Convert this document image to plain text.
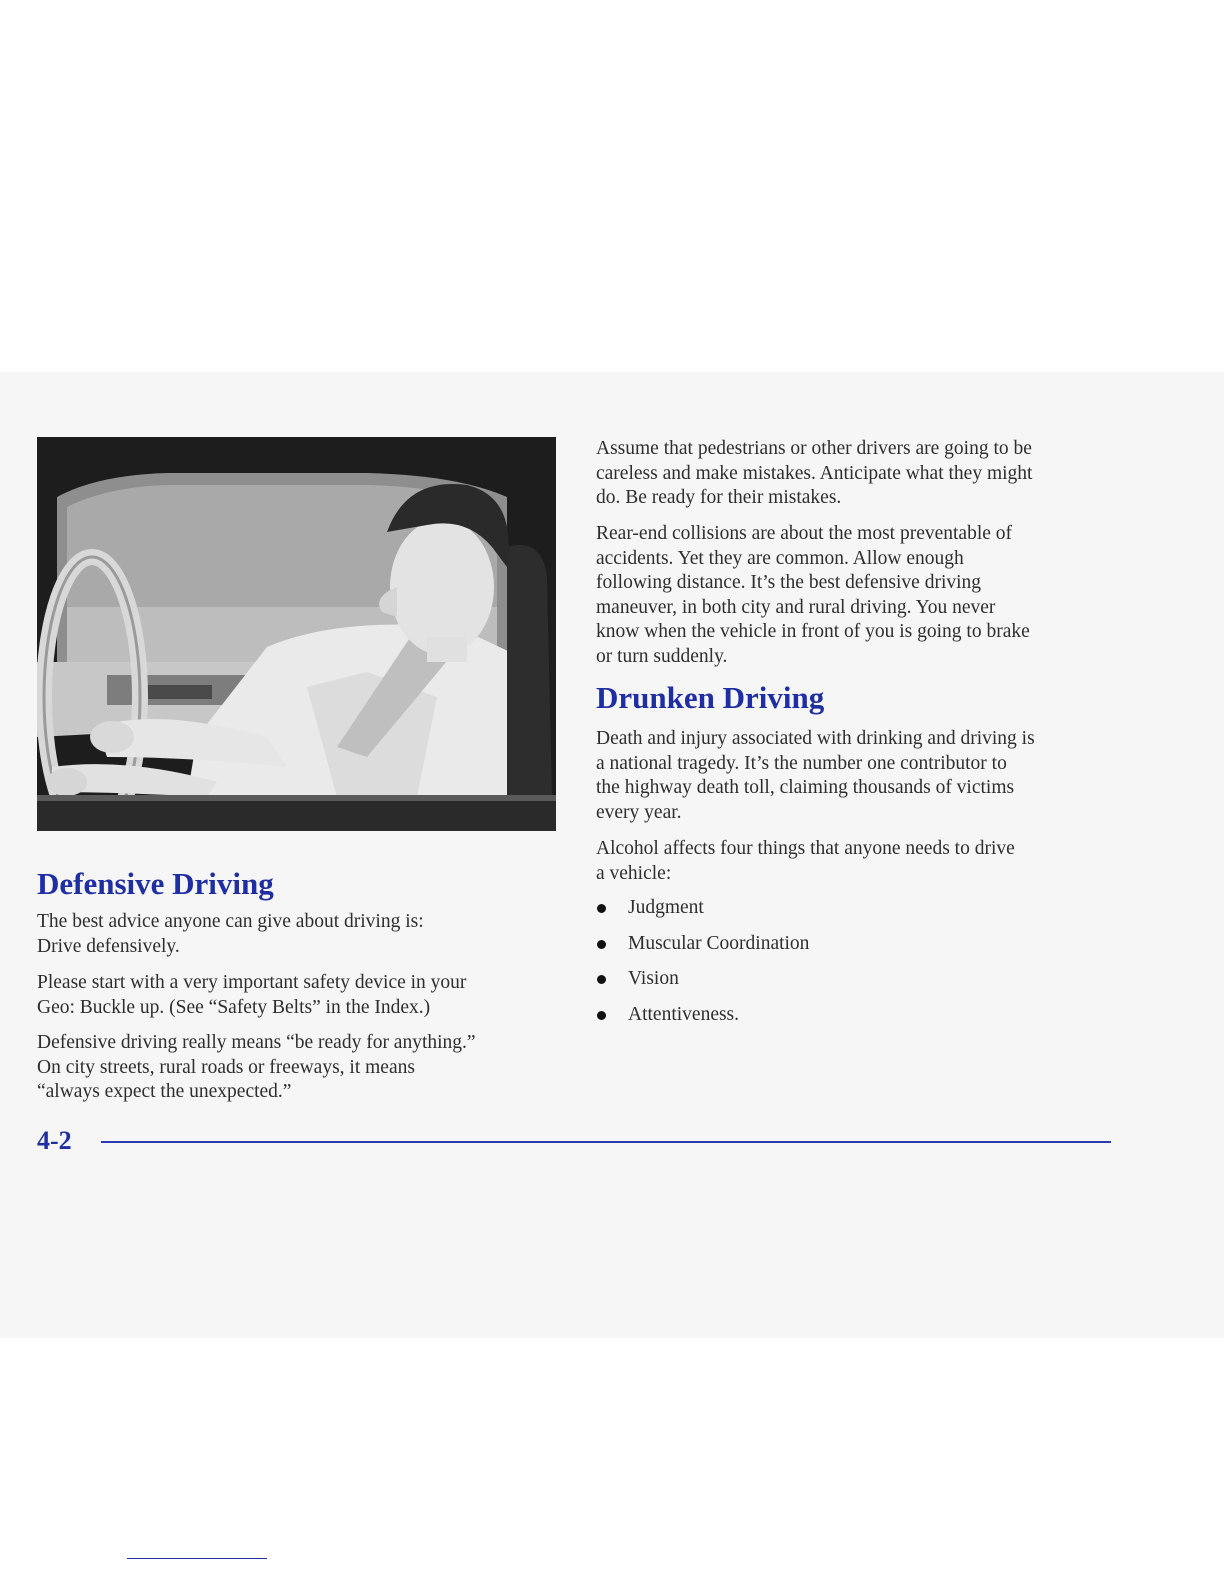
Defensive Driving

The best advice anyone can give about driving is:
Drive defensively.

Please start with a very important safety device in your
Geo: Buckle up. (See “Safety Belts” in the Index.)

Defensive driving really means “be ready for anything.”
On city streets, rural roads or freeways, it means
“always expect the unexpected.”

Assume that pedestrians or other drivers are going to be
careless and make mistakes. Anticipate what they might
do. Be ready for their mistakes.

Rear-end collisions are about the most preventable of
accidents. Yet they are common. Allow enough
following distance. It’s the best defensive driving
maneuver, in both city and rural driving. You never
know when the vehicle in front of you is going to brake
or turn suddenly.

Drunken Driving

Death and injury associated with drinking and driving is
a national tragedy. It’s the number one contributor to
the highway death toll, claiming thousands of victims
every year.

Alcohol affects four things that anyone needs to drive
a vehicle:

Judgment
Muscular Coordination
Vision
Attentiveness.

4-2
